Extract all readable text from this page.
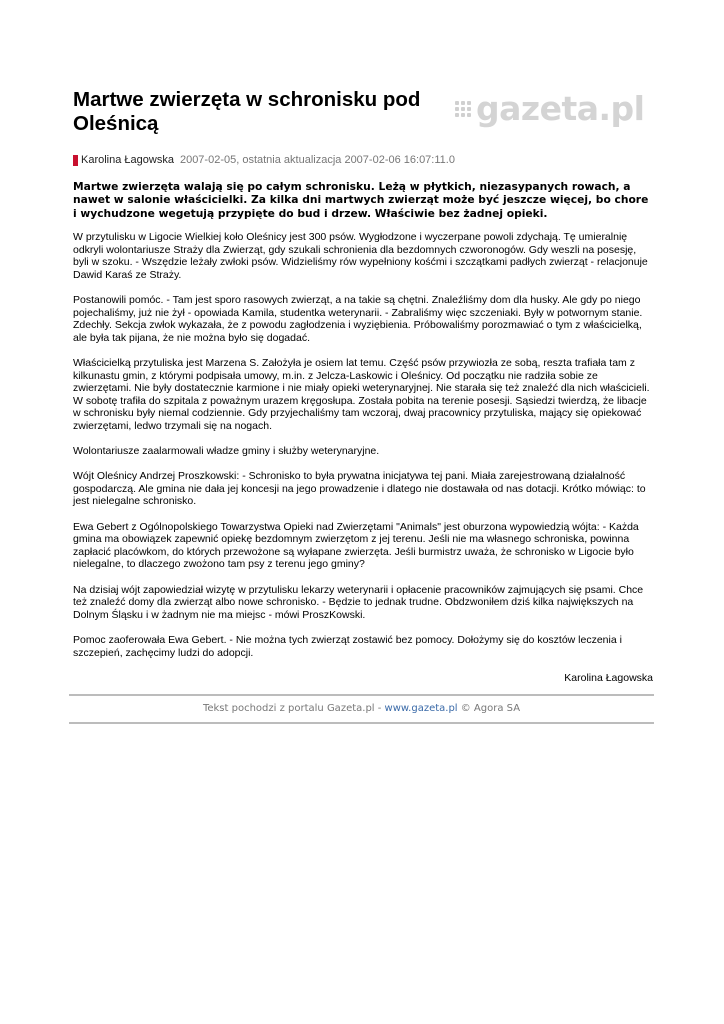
Martwe zwierzęta w schronisku pod Oleśnicą	gazeta.pl
Karolina Łagowska 2007-02-05, ostatnia aktualizacja 2007-02-06 16:07:11.0

Martwe zwierzęta walają się po całym schronisku. Leżą w płytkich, niezasypanych rowach, a nawet w salonie właścicielki. Za kilka dni martwych zwierząt może być jeszcze więcej, bo chore i wychudzone wegetują przypięte do bud i drzew. Właściwie bez żadnej opieki.

W przytulisku w Ligocie Wielkiej koło Oleśnicy jest 300 psów. Wygłodzone i wyczerpane powoli zdychają. Tę umieralnię odkryli wolontariusze Straży dla Zwierząt, gdy szukali schronienia dla bezdomnych czworonogów. Gdy weszli na posesję, byli w szoku. - Wszędzie leżały zwłoki psów. Widzieliśmy rów wypełniony kośćmi i szczątkami padłych zwierząt - relacjonuje Dawid Karaś ze Straży.

Postanowili pomóc. - Tam jest sporo rasowych zwierząt, a na takie są chętni. Znaleźliśmy dom dla husky. Ale gdy po niego pojechaliśmy, już nie żył - opowiada Kamila, studentka weterynarii. - Zabraliśmy więc szczeniaki. Były w potwornym stanie. Zdechły. Sekcja zwłok wykazała, że z powodu zagłodzenia i wyziębienia. Próbowaliśmy porozmawiać o tym z właścicielką, ale była tak pijana, że nie można było się dogadać.

Właścicielką przytuliska jest Marzena S. Założyła je osiem lat temu. Część psów przywiozła ze sobą, reszta trafiała tam z kilkunastu gmin, z którymi podpisała umowy, m.in. z Jelcza-Laskowic i Oleśnicy. Od początku nie radziła sobie ze zwierzętami. Nie były dostatecznie karmione i nie miały opieki weterynaryjnej. Nie starała się też znaleźć dla nich właścicieli. W sobotę trafiła do szpitala z poważnym urazem kręgosłupa. Została pobita na terenie posesji. Sąsiedzi twierdzą, że libacje w schronisku były niemal codziennie. Gdy przyjechaliśmy tam wczoraj, dwaj pracownicy przytuliska, mający się opiekować zwierzętami, ledwo trzymali się na nogach.

Wolontariusze zaalarmowali władze gminy i służby weterynaryjne.

Wójt Oleśnicy Andrzej Proszkowski: - Schronisko to była prywatna inicjatywa tej pani. Miała zarejestrowaną działalność gospodarczą. Ale gmina nie dała jej koncesji na jego prowadzenie i dlatego nie dostawała od nas dotacji. Krótko mówiąc: to jest nielegalne schronisko.

Ewa Gebert z Ogólnopolskiego Towarzystwa Opieki nad Zwierzętami "Animals" jest oburzona wypowiedzią wójta: - Każda gmina ma obowiązek zapewnić opiekę bezdomnym zwierzętom z jej terenu. Jeśli nie ma własnego schroniska, powinna zapłacić placówkom, do których przewożone są wyłapane zwierzęta. Jeśli burmistrz uważa, że schronisko w Ligocie było nielegalne, to dlaczego zwożono tam psy z terenu jego gminy?

Na dzisiaj wójt zapowiedział wizytę w przytulisku lekarzy weterynarii i opłacenie pracowników zajmujących się psami. Chce też znaleźć domy dla zwierząt albo nowe schronisko. - Będzie to jednak trudne. Obdzwoniłem dziś kilka największych na Dolnym Śląsku i w żadnym nie ma miejsc - mówi ProszKowski.

Pomoc zaoferowała Ewa Gebert. - Nie można tych zwierząt zostawić bez pomocy. Dołożymy się do kosztów leczenia i szczepień, zachęcimy ludzi do adopcji.

Karolina Łagowska

Tekst pochodzi z portalu Gazeta.pl - www.gazeta.pl © Agora SA
